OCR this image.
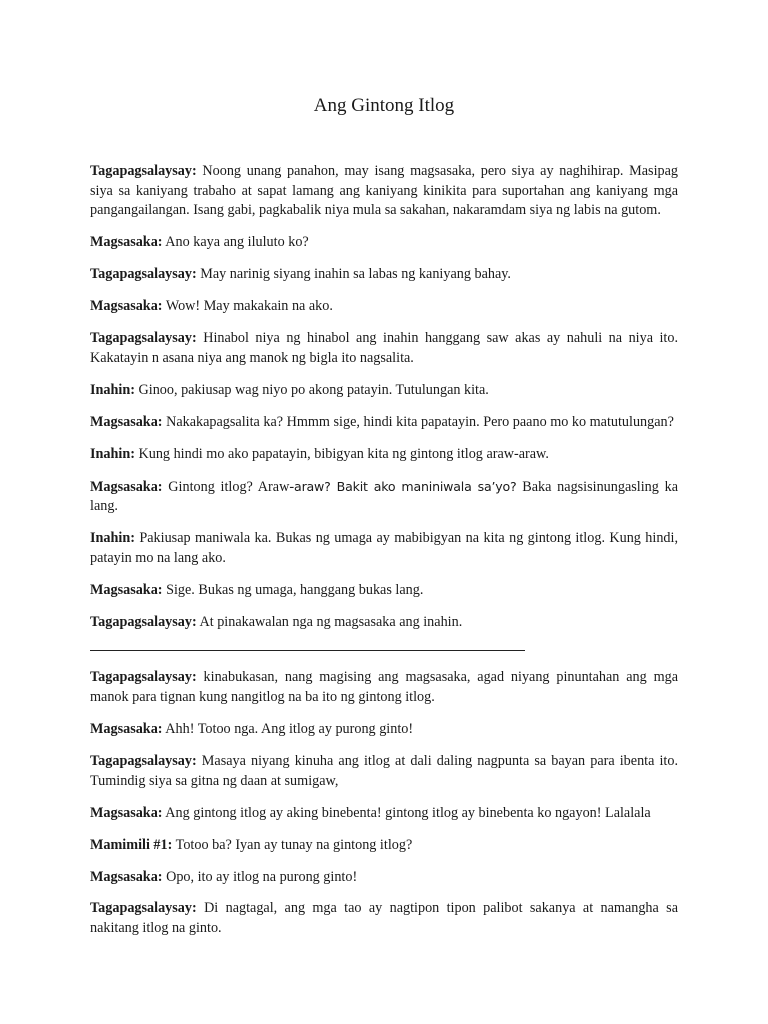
Ang Gintong Itlog

Tagapagsalaysay: Noong unang panahon, may isang magsasaka, pero siya ay naghihirap. Masipag siya sa kaniyang trabaho at sapat lamang ang kaniyang kinikita para suportahan ang kaniyang mga pangangailangan. Isang gabi, pagkabalik niya mula sa sakahan, nakaramdam siya ng labis na gutom.

Magsasaka: Ano kaya ang iluluto ko?

Tagapagsalaysay: May narinig siyang inahin sa labas ng kaniyang bahay.

Magsasaka: Wow! May makakain na ako.

Tagapagsalaysay: Hinabol niya ng hinabol ang inahin hanggang saw akas ay nahuli na niya ito. Kakatayin n asana niya ang manok ng bigla ito nagsalita.

Inahin: Ginoo, pakiusap wag niyo po akong patayin. Tutulungan kita.

Magsasaka: Nakakapagsalita ka? Hmmm sige, hindi kita papatayin. Pero paano mo ko matutulungan?

Inahin: Kung hindi mo ako papatayin, bibigyan kita ng gintong itlog araw-araw.

Magsasaka: Gintong itlog? Araw-araw? Bakit ako maniniwala sa’yo? Baka nagsisinungasling ka lang.

Inahin: Pakiusap maniwala ka. Bukas ng umaga ay mabibigyan na kita ng gintong itlog. Kung hindi, patayin mo na lang ako.

Magsasaka: Sige. Bukas ng umaga, hanggang bukas lang.

Tagapagsalaysay: At pinakawalan nga ng magsasaka ang inahin.

Tagapagsalaysay: kinabukasan, nang magising ang magsasaka, agad niyang pinuntahan ang mga manok para tignan kung nangitlog na ba ito ng gintong itlog.

Magsasaka: Ahh! Totoo nga. Ang itlog ay purong ginto!

Tagapagsalaysay: Masaya niyang kinuha ang itlog at dali daling nagpunta sa bayan para ibenta ito. Tumindig siya sa gitna ng daan at sumigaw,

Magsasaka: Ang gintong itlog ay aking binebenta! gintong itlog ay binebenta ko ngayon! Lalalala

Mamimili #1: Totoo ba? Iyan ay tunay na gintong itlog?

Magsasaka: Opo, ito ay itlog na purong ginto!

Tagapagsalaysay: Di nagtagal, ang mga tao ay nagtipon tipon palibot sakanya at namangha sa nakitang itlog na ginto.
